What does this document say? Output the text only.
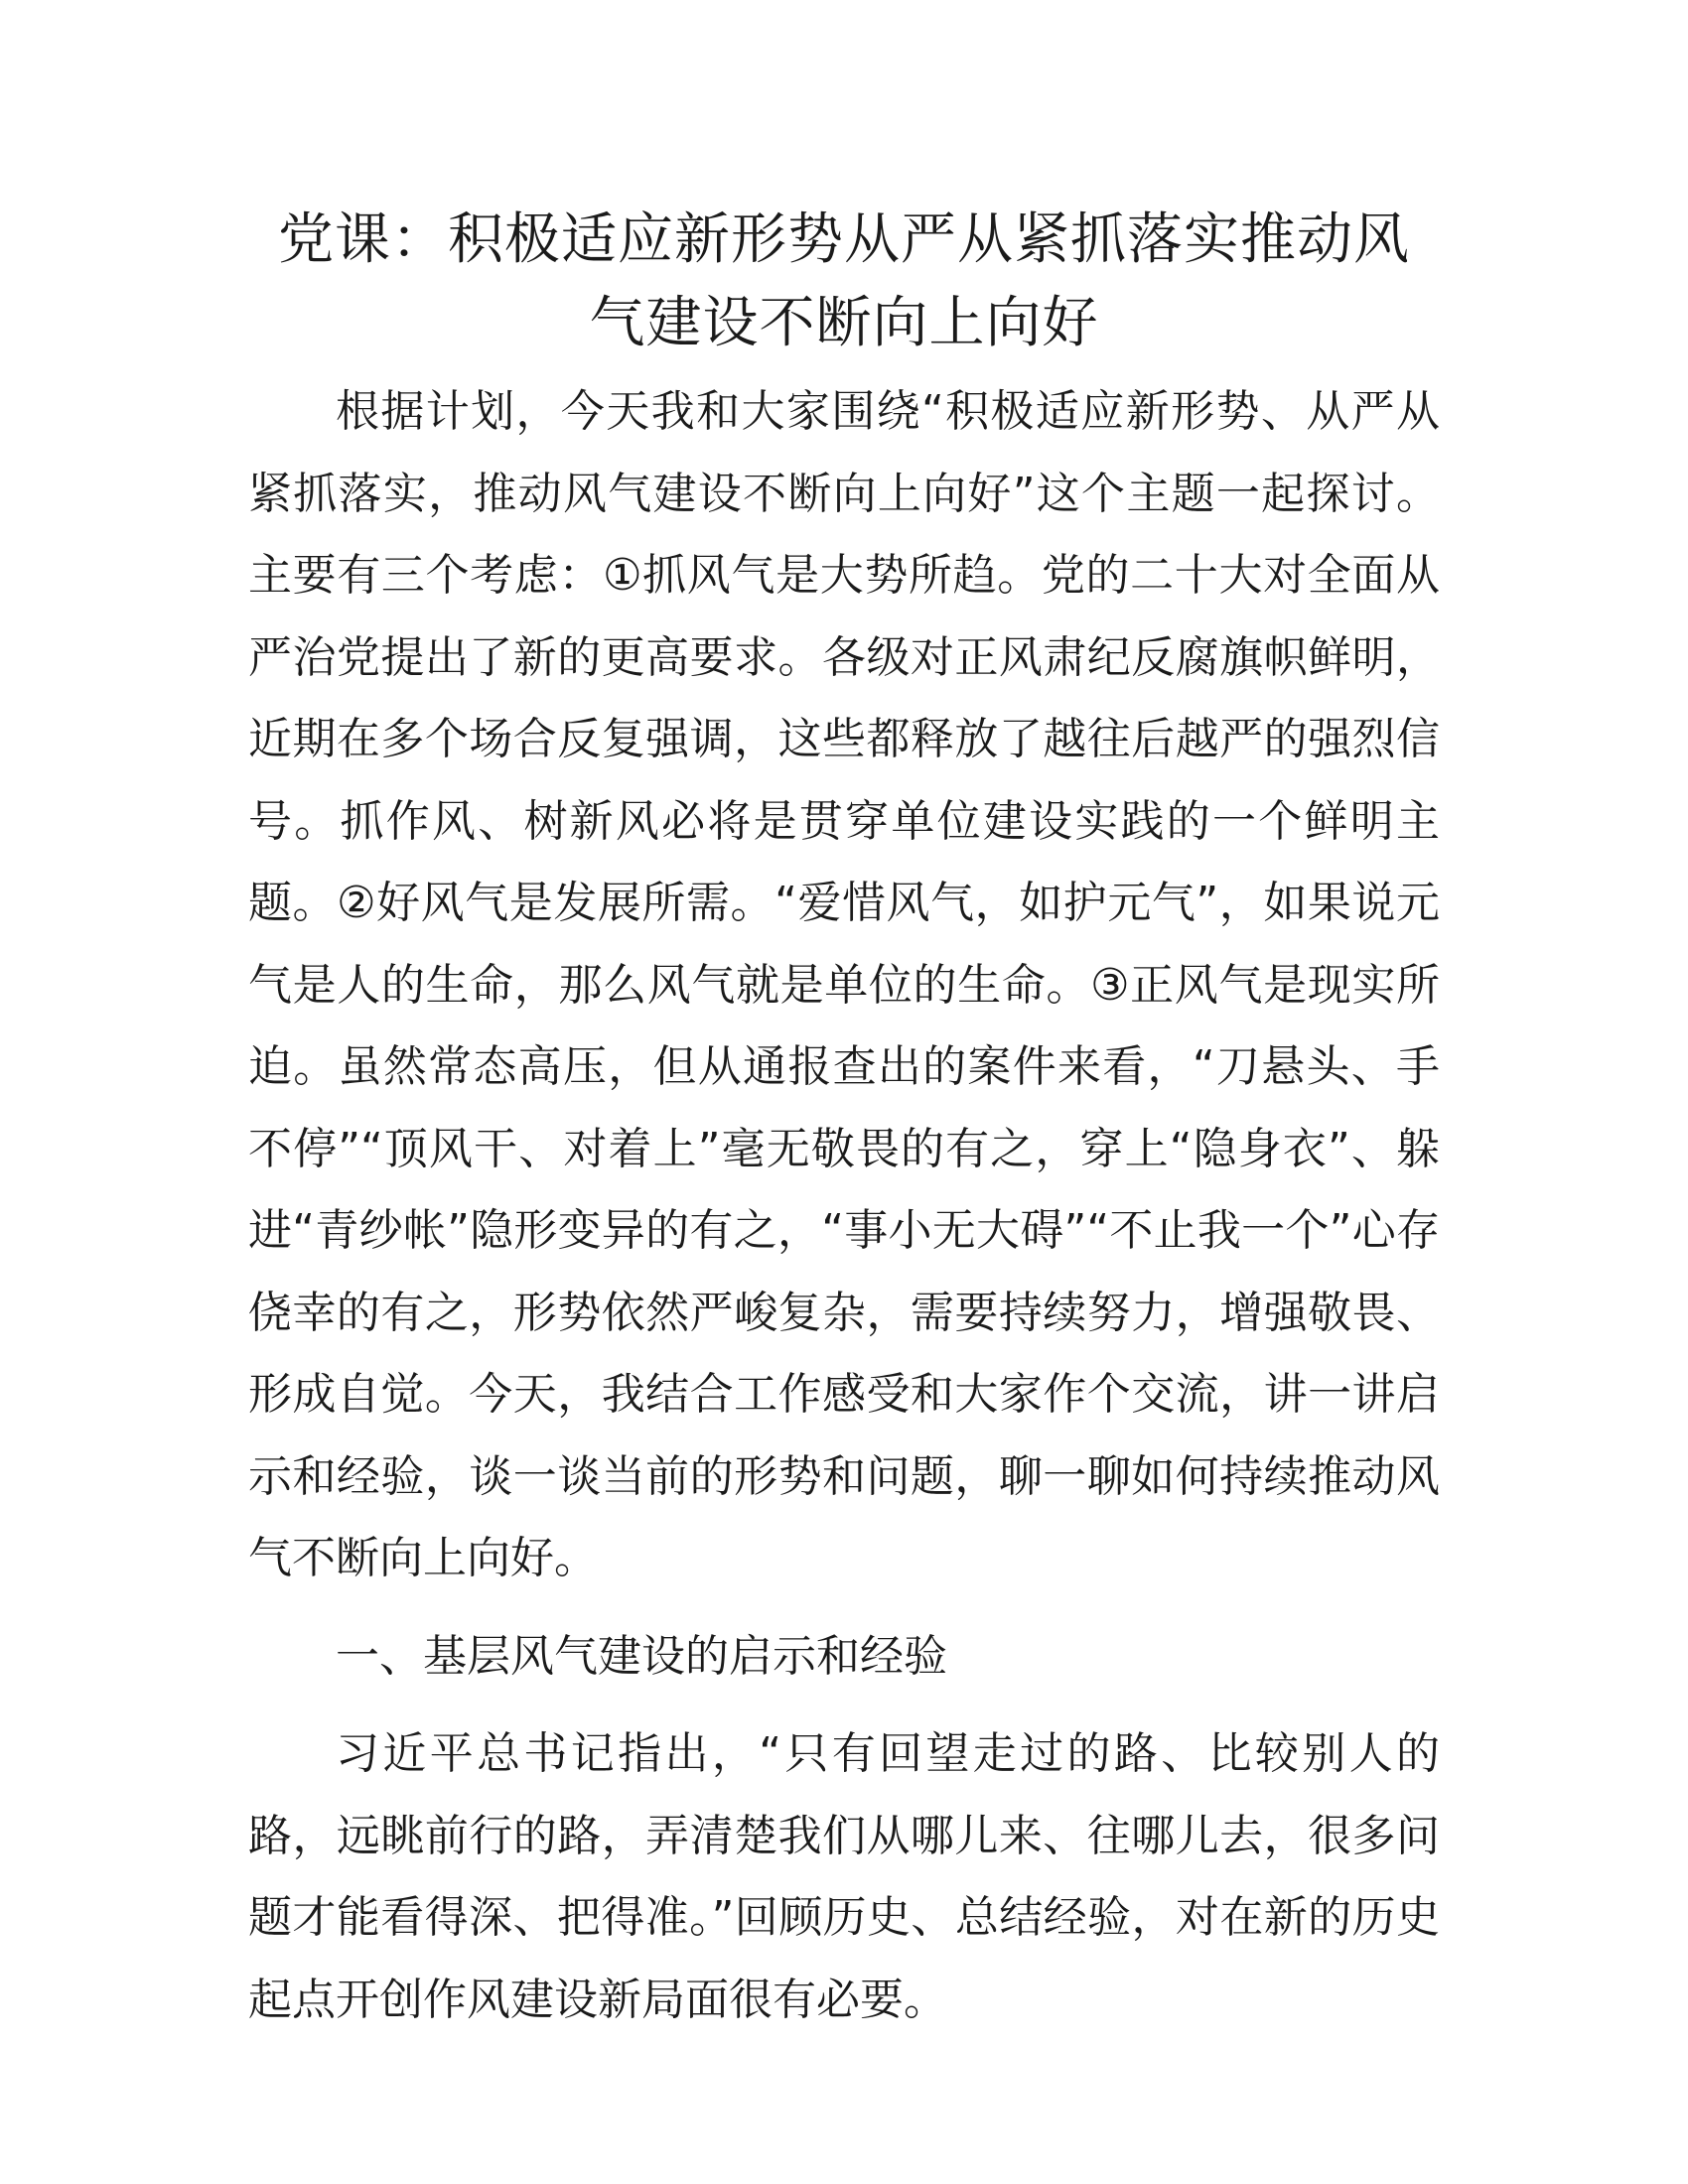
党课：积极适应新形势从严从紧抓落实推动风
气建设不断向上向好

根据计划，今天我和大家围绕“积极适应新形势、从严从紧抓落实，推动风气建设不断向上向好”这个主题一起探讨。主要有三个考虑：①抓风气是大势所趋。党的二十大对全面从严治党提出了新的更高要求。各级对正风肃纪反腐旗帜鲜明，近期在多个场合反复强调，这些都释放了越往后越严的强烈信号。抓作风、树新风必将是贯穿单位建设实践的一个鲜明主题。②好风气是发展所需。“爱惜风气，如护元气”，如果说元气是人的生命，那么风气就是单位的生命。③正风气是现实所迫。虽然常态高压，但从通报查出的案件来看，“刀悬头、手不停”“顶风干、对着上”毫无敬畏的有之，穿上“隐身衣”、躲进“青纱帐”隐形变异的有之，“事小无大碍”“不止我一个”心存侥幸的有之，形势依然严峻复杂，需要持续努力，增强敬畏、形成自觉。今天，我结合工作感受和大家作个交流，讲一讲启示和经验，谈一谈当前的形势和问题，聊一聊如何持续推动风气不断向上向好。

一、基层风气建设的启示和经验

习近平总书记指出，“只有回望走过的路、比较别人的路，远眺前行的路，弄清楚我们从哪儿来、往哪儿去，很多问题才能看得深、把得准。”回顾历史、总结经验，对在新的历史起点开创作风建设新局面很有必要。
